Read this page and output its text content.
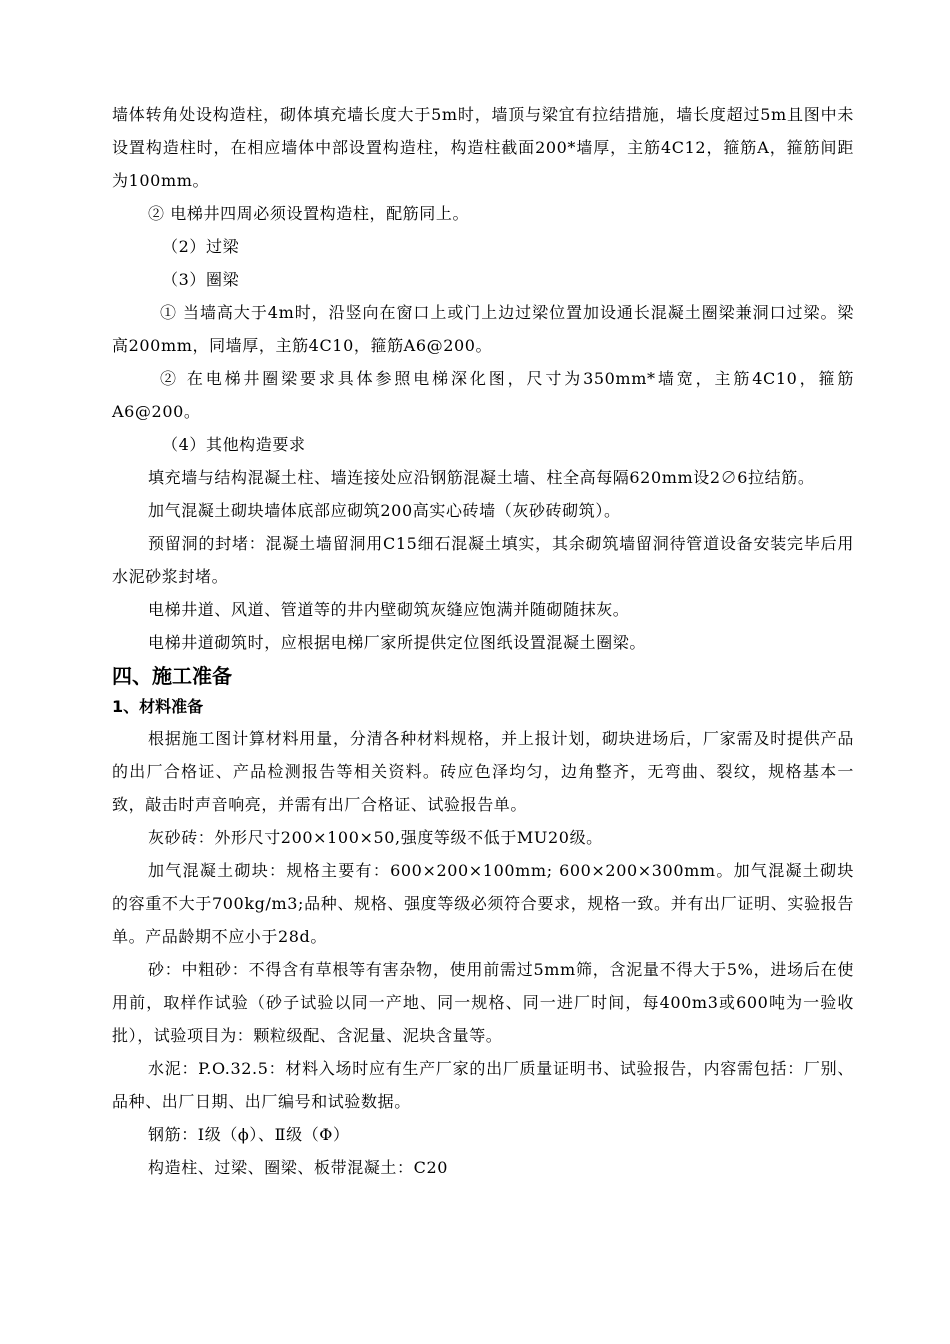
墙体转角处设构造柱，砌体填充墙长度大于5m时，墙顶与梁宜有拉结措施，墙长度超过5m且图中未设置构造柱时，在相应墙体中部设置构造柱，构造柱截面200*墙厚，主筋4C12，箍筋A，箍筋间距为100mm。

② 电梯井四周必须设置构造柱，配筋同上。

（2）过梁

（3）圈梁

① 当墙高大于4m时，沿竖向在窗口上或门上边过梁位置加设通长混凝土圈梁兼洞口过梁。梁高200mm，同墙厚，主筋4C10，箍筋A6@200。

② 在电梯井圈梁要求具体参照电梯深化图，尺寸为350mm*墙宽，主筋4C10，箍筋A6@200。

（4）其他构造要求

填充墙与结构混凝土柱、墙连接处应沿钢筋混凝土墙、柱全高每隔620mm设2∅6拉结筋。

加气混凝土砌块墙体底部应砌筑200高实心砖墙（灰砂砖砌筑）。

预留洞的封堵：混凝土墙留洞用C15细石混凝土填实，其余砌筑墙留洞待管道设备安装完毕后用水泥砂浆封堵。

电梯井道、风道、管道等的井内壁砌筑灰缝应饱满并随砌随抹灰。

电梯井道砌筑时，应根据电梯厂家所提供定位图纸设置混凝土圈梁。

四、施工准备
1、材料准备

根据施工图计算材料用量，分清各种材料规格，并上报计划，砌块进场后，厂家需及时提供产品的出厂合格证、产品检测报告等相关资料。砖应色泽均匀，边角整齐，无弯曲、裂纹，规格基本一致，敲击时声音响亮，并需有出厂合格证、试验报告单。

灰砂砖：外形尺寸200×100×50,强度等级不低于MU20级。

加气混凝土砌块：规格主要有：600×200×100mm; 600×200×300mm。加气混凝土砌块的容重不大于700kg/m3;品种、规格、强度等级必须符合要求，规格一致。并有出厂证明、实验报告单。产品龄期不应小于28d。

砂：中粗砂：不得含有草根等有害杂物，使用前需过5mm筛，含泥量不得大于5%，进场后在使用前，取样作试验（砂子试验以同一产地、同一规格、同一进厂时间，每400m3或600吨为一验收批），试验项目为：颗粒级配、含泥量、泥块含量等。

水泥：P.O.32.5：材料入场时应有生产厂家的出厂质量证明书、试验报告，内容需包括：厂别、品种、出厂日期、出厂编号和试验数据。

钢筋：Ⅰ级（ϕ）、Ⅱ级（Φ）

构造柱、过梁、圈梁、板带混凝土：C20
